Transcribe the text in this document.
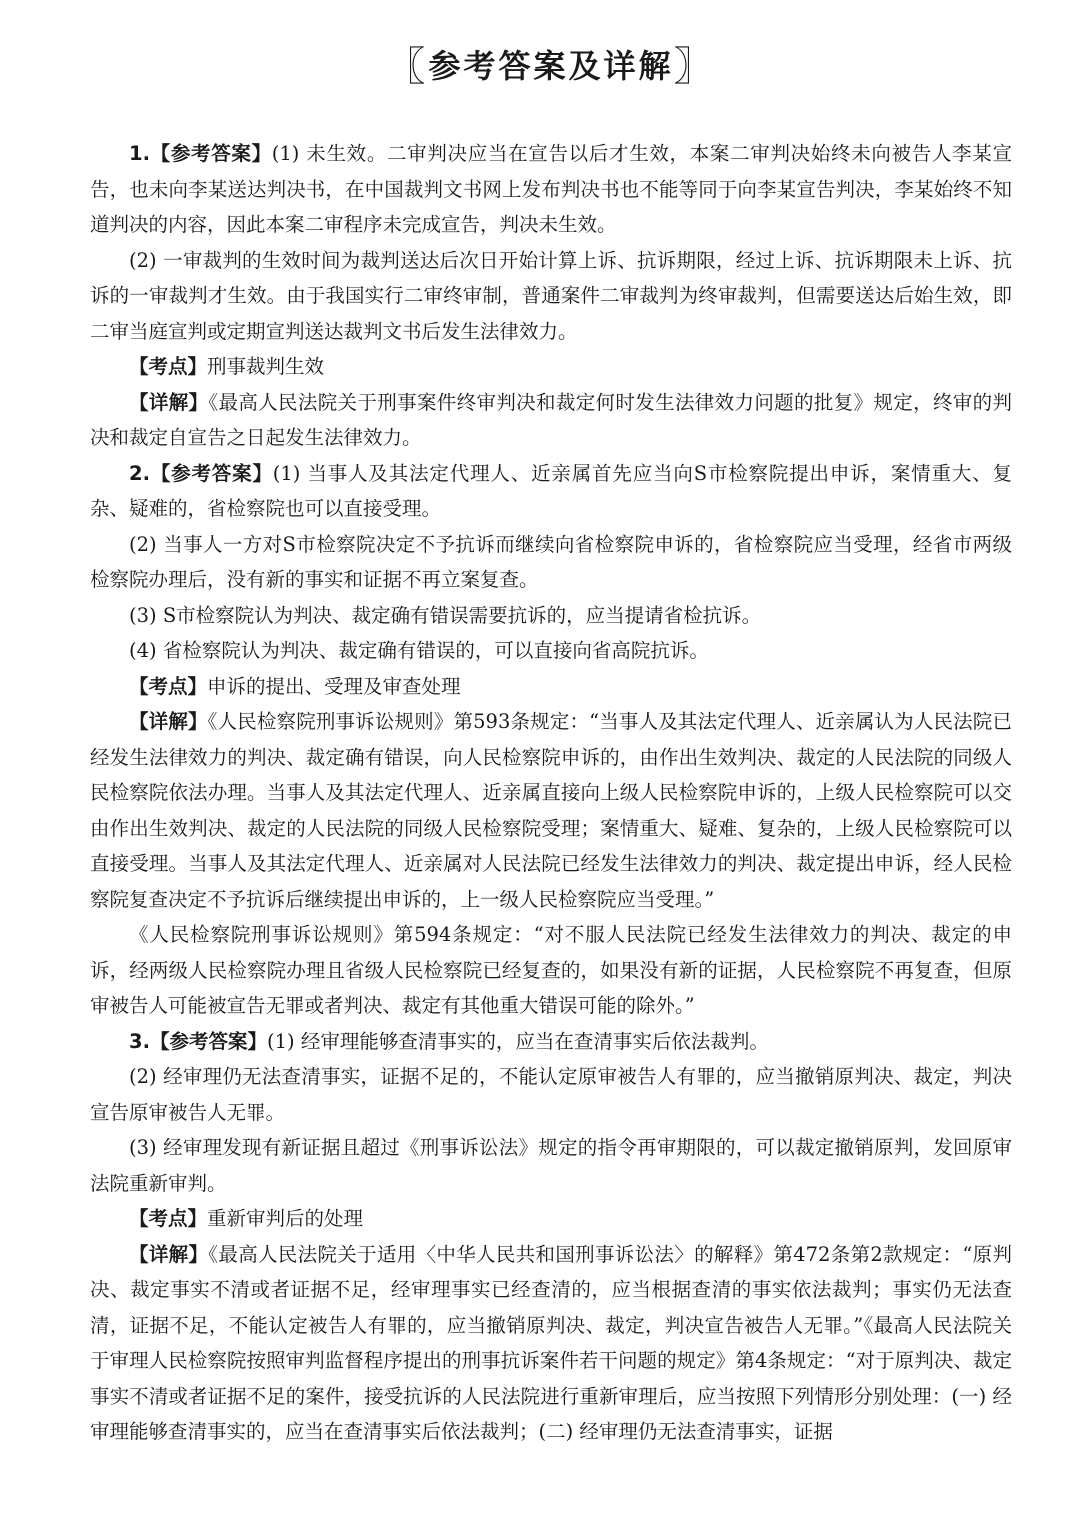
〖参考答案及详解〗

1.【参考答案】(1) 未生效。二审判决应当在宣告以后才生效，本案二审判决始终未向被告人李某宣告，也未向李某送达判决书，在中国裁判文书网上发布判决书也不能等同于向李某宣告判决，李某始终不知道判决的内容，因此本案二审程序未完成宣告，判决未生效。

(2) 一审裁判的生效时间为裁判送达后次日开始计算上诉、抗诉期限，经过上诉、抗诉期限未上诉、抗诉的一审裁判才生效。由于我国实行二审终审制，普通案件二审裁判为终审裁判，但需要送达后始生效，即二审当庭宣判或定期宣判送达裁判文书后发生法律效力。

【考点】刑事裁判生效

【详解】《最高人民法院关于刑事案件终审判决和裁定何时发生法律效力问题的批复》规定，终审的判决和裁定自宣告之日起发生法律效力。

2.【参考答案】(1) 当事人及其法定代理人、近亲属首先应当向S市检察院提出申诉，案情重大、复杂、疑难的，省检察院也可以直接受理。

(2) 当事人一方对S市检察院决定不予抗诉而继续向省检察院申诉的，省检察院应当受理，经省市两级检察院办理后，没有新的事实和证据不再立案复查。

(3) S市检察院认为判决、裁定确有错误需要抗诉的，应当提请省检抗诉。

(4) 省检察院认为判决、裁定确有错误的，可以直接向省高院抗诉。

【考点】申诉的提出、受理及审查处理

【详解】《人民检察院刑事诉讼规则》第593条规定：“当事人及其法定代理人、近亲属认为人民法院已经发生法律效力的判决、裁定确有错误，向人民检察院申诉的，由作出生效判决、裁定的人民法院的同级人民检察院依法办理。当事人及其法定代理人、近亲属直接向上级人民检察院申诉的，上级人民检察院可以交由作出生效判决、裁定的人民法院的同级人民检察院受理；案情重大、疑难、复杂的，上级人民检察院可以直接受理。当事人及其法定代理人、近亲属对人民法院已经发生法律效力的判决、裁定提出申诉，经人民检察院复查决定不予抗诉后继续提出申诉的，上一级人民检察院应当受理。”

《人民检察院刑事诉讼规则》第594条规定：“对不服人民法院已经发生法律效力的判决、裁定的申诉，经两级人民检察院办理且省级人民检察院已经复查的，如果没有新的证据，人民检察院不再复查，但原审被告人可能被宣告无罪或者判决、裁定有其他重大错误可能的除外。”

3.【参考答案】(1) 经审理能够查清事实的，应当在查清事实后依法裁判。

(2) 经审理仍无法查清事实，证据不足的，不能认定原审被告人有罪的，应当撤销原判决、裁定，判决宣告原审被告人无罪。

(3) 经审理发现有新证据且超过《刑事诉讼法》规定的指令再审期限的，可以裁定撤销原判，发回原审法院重新审判。

【考点】重新审判后的处理

【详解】《最高人民法院关于适用〈中华人民共和国刑事诉讼法〉的解释》第472条第2款规定：“原判决、裁定事实不清或者证据不足，经审理事实已经查清的，应当根据查清的事实依法裁判；事实仍无法查清，证据不足，不能认定被告人有罪的，应当撤销原判决、裁定，判决宣告被告人无罪。”《最高人民法院关于审理人民检察院按照审判监督程序提出的刑事抗诉案件若干问题的规定》第4条规定：“对于原判决、裁定事实不清或者证据不足的案件，接受抗诉的人民法院进行重新审理后，应当按照下列情形分别处理：(一) 经审理能够查清事实的，应当在查清事实后依法裁判；(二) 经审理仍无法查清事实，证据
